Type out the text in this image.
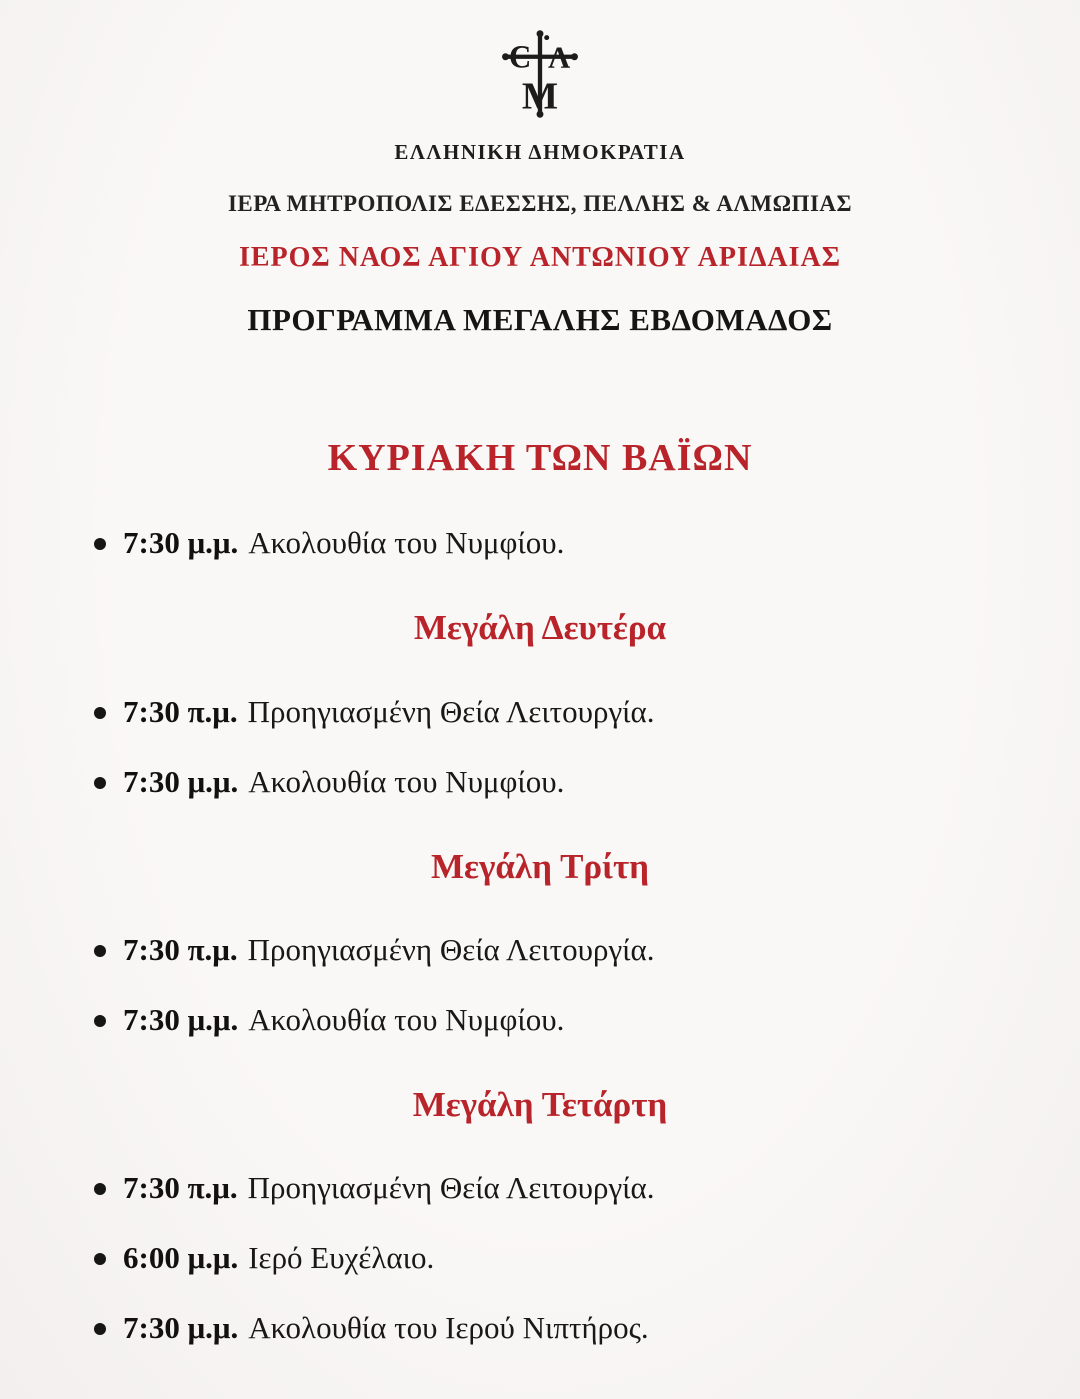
Є Λ
Μ
ΕΛΛΗΝΙΚΗ ΔΗΜΟΚΡΑΤΙΑ
ΙΕΡΑ ΜΗΤΡΟΠΟΛΙΣ ΕΔΕΣΣΗΣ, ΠΕΛΛΗΣ & ΑΛΜΩΠΙΑΣ
ΙΕΡΟΣ ΝΑΟΣ ΑΓΙΟΥ ΑΝΤΩΝΙΟΥ ΑΡΙΔΑΙΑΣ
ΠΡΟΓΡΑΜΜΑ ΜΕΓΑΛΗΣ ΕΒΔΟΜΑΔΟΣ
ΚΥΡΙΑΚΗ ΤΩΝ ΒΑΪΩΝ
7:30 μ.μ. Ακολουθία του Νυμφίου.
Μεγάλη Δευτέρα
7:30 π.μ. Προηγιασμένη Θεία Λειτουργία.
7:30 μ.μ. Ακολουθία του Νυμφίου.
Μεγάλη Τρίτη
7:30 π.μ. Προηγιασμένη Θεία Λειτουργία.
7:30 μ.μ. Ακολουθία του Νυμφίου.
Μεγάλη Τετάρτη
7:30 π.μ. Προηγιασμένη Θεία Λειτουργία.
6:00 μ.μ. Ιερό Ευχέλαιο.
7:30 μ.μ. Ακολουθία του Ιερού Νιπτήρος.
